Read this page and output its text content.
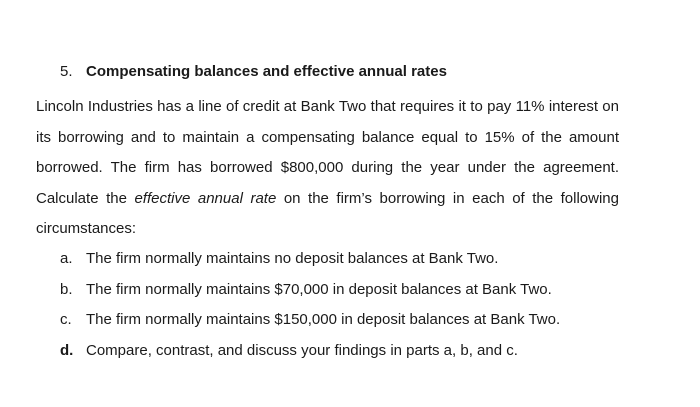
5. Compensating balances and effective annual rates

Lincoln Industries has a line of credit at Bank Two that requires it to pay 11% interest on its borrowing and to maintain a compensating balance equal to 15% of the amount borrowed. The firm has borrowed $800,000 during the year under the agreement. Calculate the effective annual rate on the firm’s borrowing in each of the following circumstances:

a. The firm normally maintains no deposit balances at Bank Two.
b. The firm normally maintains $70,000 in deposit balances at Bank Two.
c. The firm normally maintains $150,000 in deposit balances at Bank Two.
d. Compare, contrast, and discuss your findings in parts a, b, and c.
